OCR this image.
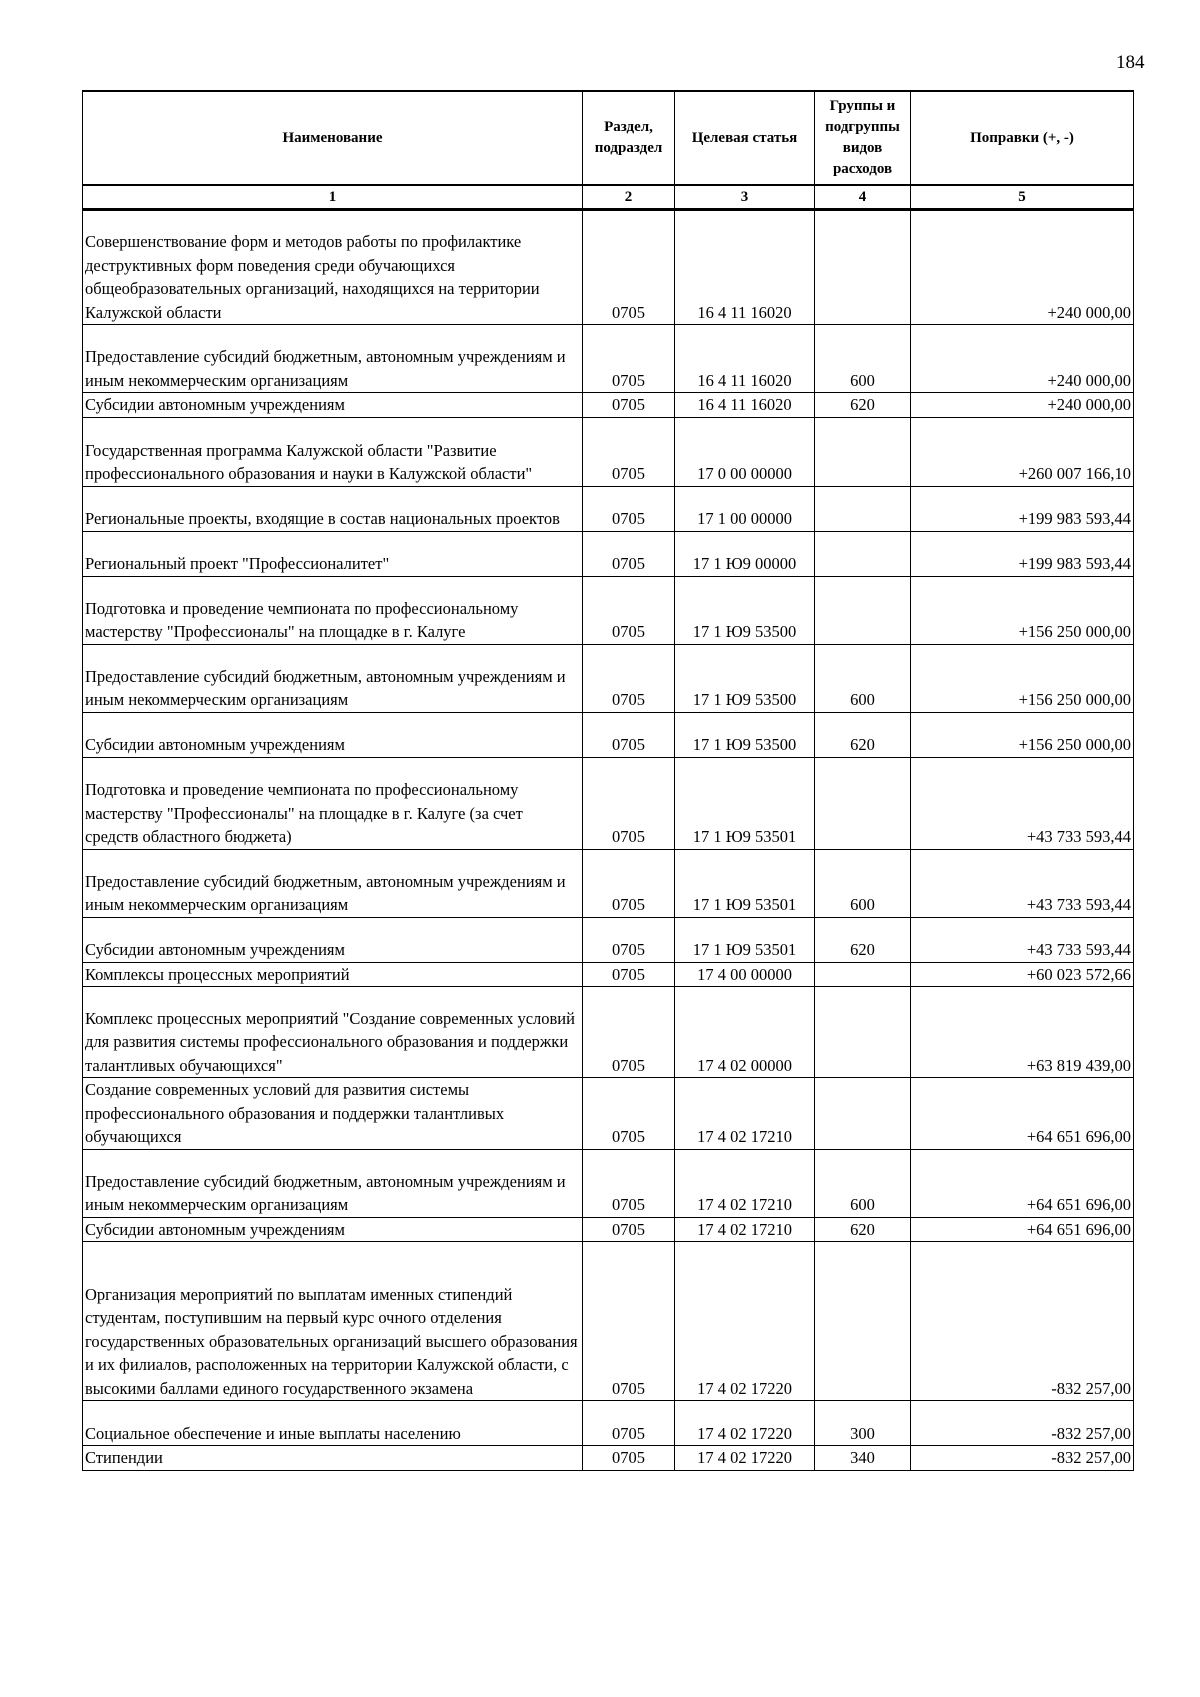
184
Наименование	Раздел, подраздел	Целевая статья	Группы и подгруппы видов расходов	Поправки (+, -)
1	2	3	4	5
Совершенствование форм и методов работы по профилактике деструктивных форм поведения среди обучающихся общеобразовательных организаций, находящихся на территории Калужской области	0705	16 4 11 16020		+240 000,00
Предоставление субсидий бюджетным, автономным учреждениям и иным некоммерческим организациям	0705	16 4 11 16020	600	+240 000,00
Субсидии автономным учреждениям	0705	16 4 11 16020	620	+240 000,00
Государственная программа Калужской области "Развитие профессионального образования и науки в Калужской области"	0705	17 0 00 00000		+260 007 166,10
Региональные проекты, входящие в состав национальных проектов	0705	17 1 00 00000		+199 983 593,44
Региональный проект "Профессионалитет"	0705	17 1 Ю9 00000		+199 983 593,44
Подготовка и проведение чемпионата по профессиональному мастерству "Профессионалы" на площадке в г. Калуге	0705	17 1 Ю9 53500		+156 250 000,00
Предоставление субсидий бюджетным, автономным учреждениям и иным некоммерческим организациям	0705	17 1 Ю9 53500	600	+156 250 000,00
Субсидии автономным учреждениям	0705	17 1 Ю9 53500	620	+156 250 000,00
Подготовка и проведение чемпионата по профессиональному мастерству "Профессионалы" на площадке в г. Калуге (за счет средств областного бюджета)	0705	17 1 Ю9 53501		+43 733 593,44
Предоставление субсидий бюджетным, автономным учреждениям и иным некоммерческим организациям	0705	17 1 Ю9 53501	600	+43 733 593,44
Субсидии автономным учреждениям	0705	17 1 Ю9 53501	620	+43 733 593,44
Комплексы процессных мероприятий	0705	17 4 00 00000		+60 023 572,66
Комплекс процессных мероприятий "Создание современных условий для развития системы профессионального образования и поддержки талантливых обучающихся"	0705	17 4 02 00000		+63 819 439,00
Создание современных условий для развития системы профессионального образования и поддержки талантливых обучающихся	0705	17 4 02 17210		+64 651 696,00
Предоставление субсидий бюджетным, автономным учреждениям и иным некоммерческим организациям	0705	17 4 02 17210	600	+64 651 696,00
Субсидии автономным учреждениям	0705	17 4 02 17210	620	+64 651 696,00
Организация мероприятий по выплатам именных стипендий студентам, поступившим на первый курс очного отделения государственных образовательных организаций высшего образования и их филиалов, расположенных на территории Калужской области, с высокими баллами единого государственного экзамена	0705	17 4 02 17220		-832 257,00
Социальное обеспечение и иные выплаты населению	0705	17 4 02 17220	300	-832 257,00
Стипендии	0705	17 4 02 17220	340	-832 257,00
